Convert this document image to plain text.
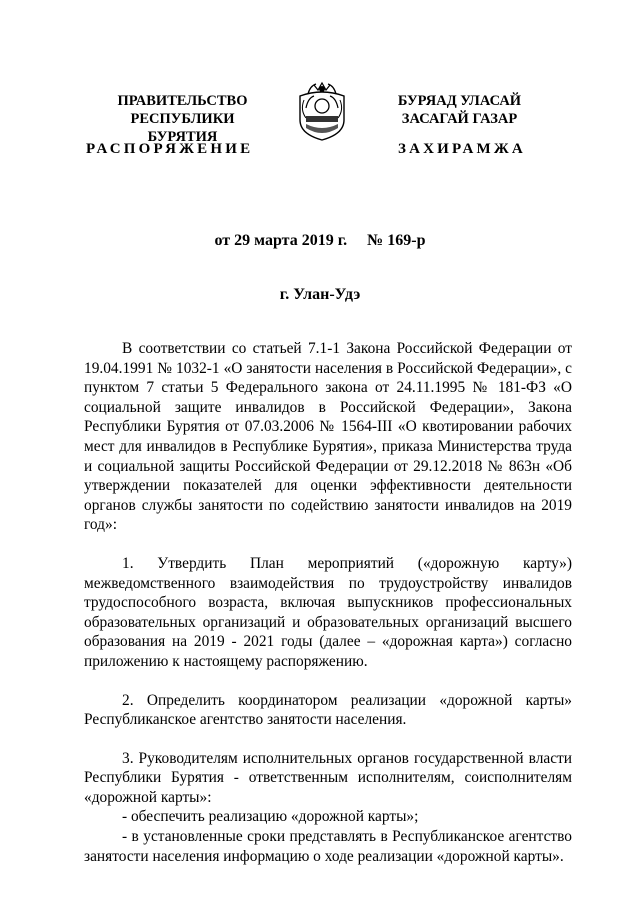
ПРАВИТЕЛЬСТВО
РЕСПУБЛИКИ БУРЯТИЯ
БУРЯАД УЛАСАЙ
ЗАСАГАЙ ГАЗАР
РАСПОРЯЖЕНИЕ	ЗАХИРАМЖА
от 29 марта 2019 г.     № 169-р
г. Улан-Удэ

В соответствии со статьей 7.1-1 Закона Российской Федерации от 19.04.1991 № 1032-1 «О занятости населения в Российской Федерации», с пунктом 7 статьи 5 Федерального закона от 24.11.1995 № 181-ФЗ «О социальной защите инвалидов в Российской Федерации», Закона Республики Бурятия от 07.03.2006 № 1564-III «О квотировании рабочих мест для инвалидов в Республике Бурятия», приказа Министерства труда и социальной защиты Российской Федерации от 29.12.2018 № 863н «Об утверждении показателей для оценки эффективности деятельности органов службы занятости по содействию занятости инвалидов на 2019 год»:

1. Утвердить План мероприятий («дорожную карту») межведомственного взаимодействия по трудоустройству инвалидов трудоспособного возраста, включая выпускников профессиональных образовательных организаций и образовательных организаций высшего образования на 2019 - 2021 годы (далее – «дорожная карта») согласно приложению к настоящему распоряжению.

2. Определить координатором реализации «дорожной карты» Республиканское агентство занятости населения.

3. Руководителям исполнительных органов государственной власти Республики Бурятия - ответственным исполнителям, соисполнителям «дорожной карты»:

- обеспечить реализацию «дорожной карты»;

- в установленные сроки представлять в Республиканское агентство занятости населения информацию о ходе реализации «дорожной карты».
